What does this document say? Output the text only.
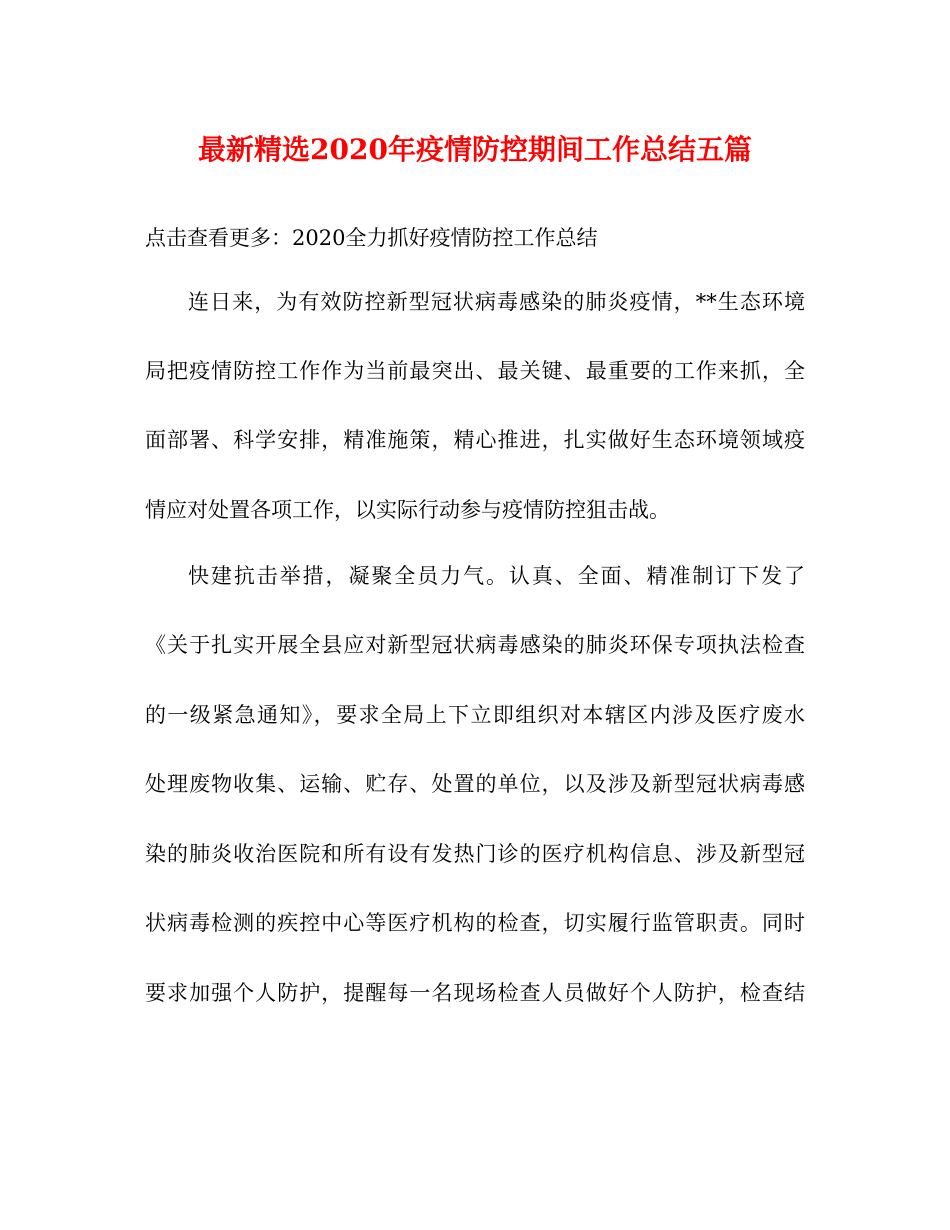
最新精选2020年疫情防控期间工作总结五篇
点击查看更多：2020全力抓好疫情防控工作总结
连日来，为有效防控新型冠状病毒感染的肺炎疫情，**生态环境
局把疫情防控工作作为当前最突出、最关键、最重要的工作来抓，全
面部署、科学安排，精准施策，精心推进，扎实做好生态环境领域疫
情应对处置各项工作，以实际行动参与疫情防控狙击战。
快建抗击举措，凝聚全员力气。认真、全面、精准制订下发了
《关于扎实开展全县应对新型冠状病毒感染的肺炎环保专项执法检查
的一级紧急通知》，要求全局上下立即组织对本辖区内涉及医疗废水
处理废物收集、运输、贮存、处置的单位，以及涉及新型冠状病毒感
染的肺炎收治医院和所有设有发热门诊的医疗机构信息、涉及新型冠
状病毒检测的疾控中心等医疗机构的检查，切实履行监管职责。同时
要求加强个人防护，提醒每一名现场检查人员做好个人防护，检查结
